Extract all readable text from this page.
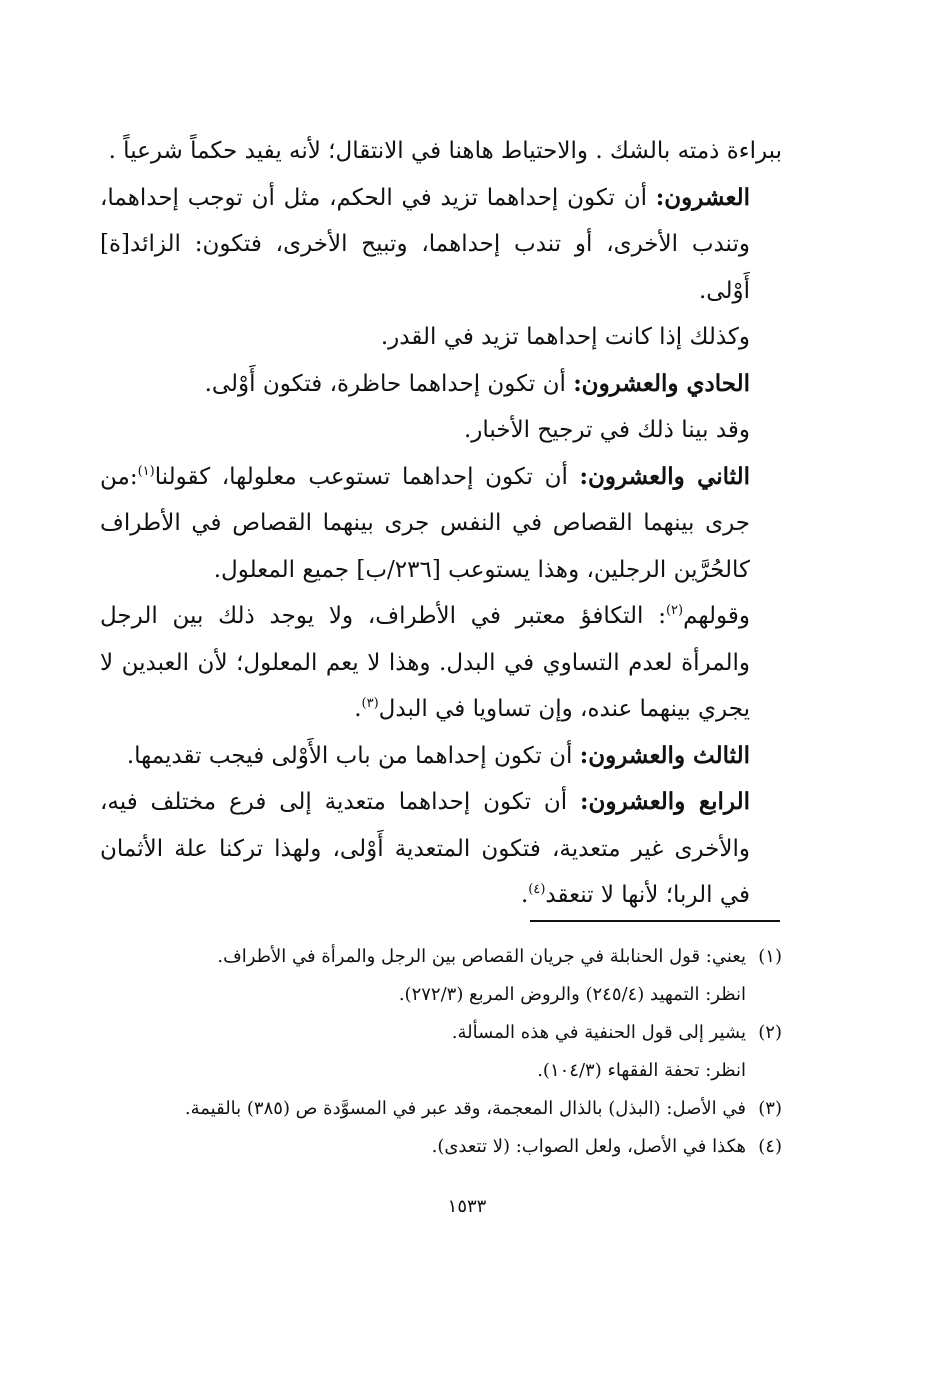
ببراءة ذمته بالشك . والاحتياط هاهنا في الانتقال؛ لأنه يفيد حكماً شرعياً .

العشرون: أن تكون إحداهما تزيد في الحكم، مثل أن توجب إحداهما، وتندب الأخرى، أو تندب إحداهما، وتبيح الأخرى، فتكون: الزائد[ة] أَوْلى.

وكذلك إذا كانت إحداهما تزيد في القدر.

الحادي والعشرون: أن تكون إحداهما حاظرة، فتكون أَوْلى.

وقد بينا ذلك في ترجيح الأخبار.

الثاني والعشرون: أن تكون إحداهما تستوعب معلولها، كقولنا$^{(١)}$:من جرى بينهما القصاص في النفس جرى بينهما القصاص في الأطراف كالحُرَّين الرجلين، وهذا يستوعب [٢٣٦/ب] جميع المعلول.

وقولهم$^{(٢)}$: التكافؤ معتبر في الأطراف، ولا يوجد ذلك بين الرجل والمرأة لعدم التساوي في البدل. وهذا لا يعم المعلول؛ لأن العبدين لا يجري بينهما عنده، وإن تساويا في البدل$^{(٣)}$.

الثالث والعشرون: أن تكون إحداهما من باب الأَوْلى فيجب تقديمها.

الرابع والعشرون: أن تكون إحداهما متعدية إلى فرع مختلف فيه، والأخرى غير متعدية، فتكون المتعدية أَوْلى، ولهذا تركنا علة الأثمان في الربا؛ لأنها لا تنعقد$^{(٤)}$.

(١)
يعني: قول الحنابلة في جريان القصاص بين الرجل والمرأة في الأطراف.
انظر: التمهيد (٢٤٥/٤) والروض المربع (٢٧٢/٣).
(٢)
يشير إلى قول الحنفية في هذه المسألة.
انظر: تحفة الفقهاء (١٠٤/٣).
(٣)
في الأصل: (البذل) بالذال المعجمة، وقد عبر في المسوَّدة ص (٣٨٥) بالقيمة.
(٤)
هكذا في الأصل، ولعل الصواب: (لا تتعدى).
١٥٣٣
